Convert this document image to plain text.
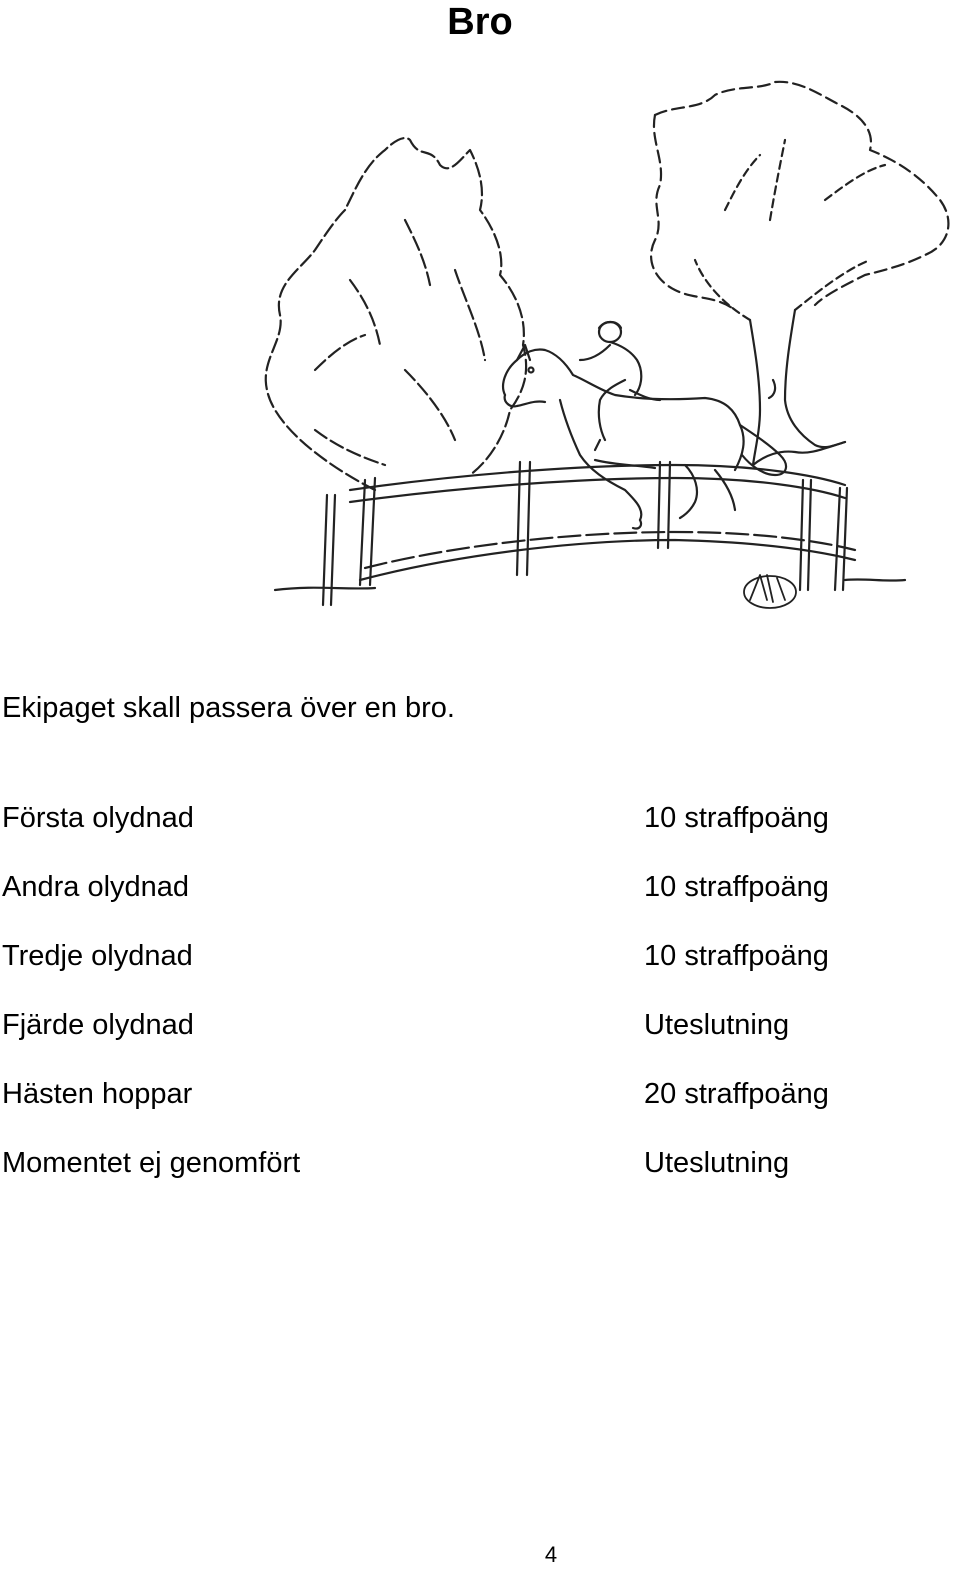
Bro

Ekipaget skall passera över en bro.

Första olydnad	10 straffpoäng
Andra olydnad	10 straffpoäng
Tredje olydnad	10 straffpoäng
Fjärde olydnad	Uteslutning
Hästen hoppar	20 straffpoäng
Momentet ej genomfört	Uteslutning
4
